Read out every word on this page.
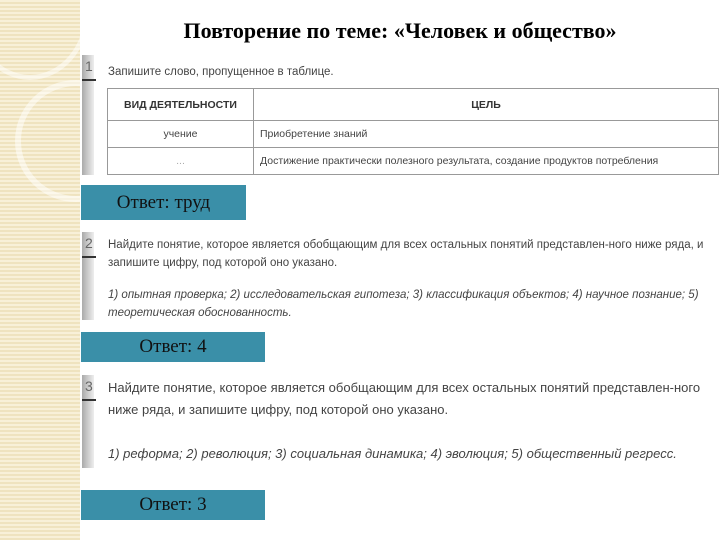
Повторение по теме: «Человек и общество»
1 Запишите слово, пропущенное в таблице.
ВИД ДЕЯТЕЛЬНОСТИ	ЦЕЛЬ
учение	Приобретение знаний
...	Достижение практически полезного результата, создание продуктов потребления
Ответ: труд
2 Найдите понятие, которое является обобщающим для всех остальных понятий представлен-ного ниже ряда, и запишите цифру, под которой оно указано.
1) опытная проверка; 2) исследовательская гипотеза; 3) классификация объектов; 4) научное познание; 5) теоретическая обоснованность.
Ответ: 4
3 Найдите понятие, которое является обобщающим для всех остальных понятий представлен-ного ниже ряда, и запишите цифру, под которой оно указано.
1) реформа; 2) революция; 3) социальная динамика; 4) эволюция; 5) общественный регресс.
Ответ: 3
